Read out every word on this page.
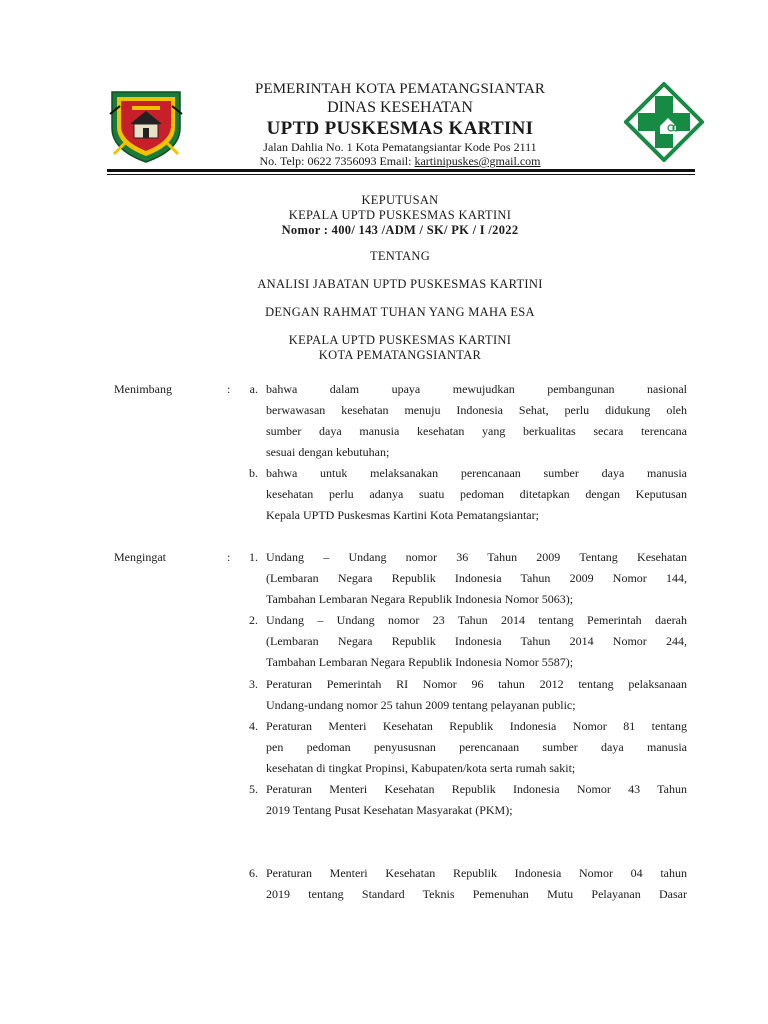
PEMERINTAH KOTA PEMATANGSIANTAR
DINAS KESEHATAN
UPTD PUSKESMAS KARTINI
Jalan Dahlia No. 1 Kota Pematangsiantar Kode Pos 2111
No. Telp: 0622 7356093 Email: kartinipuskes@gmail.com
KEPUTUSAN
KEPALA UPTD PUSKESMAS KARTINI
Nomor : 400/ 143 /ADM / SK/ PK / I /2022
TENTANG
ANALISI JABATAN UPTD PUSKESMAS KARTINI
DENGAN RAHMAT TUHAN YANG MAHA ESA
KEPALA UPTD PUSKESMAS KARTINI
KOTA PEMATANGSIANTAR
Menimbang	:	a. bahwa dalam upaya mewujudkan pembangunan nasional
berwawasan kesehatan menuju Indonesia Sehat, perlu didukung oleh
sumber daya manusia kesehatan yang berkualitas secara terencana
sesuai dengan kebutuhan;
b. bahwa untuk melaksanakan perencanaan sumber daya manusia
kesehatan perlu adanya suatu pedoman ditetapkan dengan Keputusan
Kepala UPTD Puskesmas Kartini Kota Pematangsiantar;
Mengingat	:	1. Undang – Undang nomor 36 Tahun 2009 Tentang Kesehatan
(Lembaran Negara Republik Indonesia Tahun 2009 Nomor 144,
Tambahan Lembaran Negara Republik Indonesia Nomor 5063);
2. Undang – Undang nomor 23 Tahun 2014 tentang Pemerintah daerah
(Lembaran Negara Republik Indonesia Tahun 2014 Nomor 244,
Tambahan Lembaran Negara Republik Indonesia Nomor 5587);
3. Peraturan Pemerintah RI Nomor 96 tahun 2012 tentang pelaksanaan
Undang-undang nomor 25 tahun 2009 tentang pelayanan public;
4. Peraturan Menteri Kesehatan Republik Indonesia Nomor 81 tentang
pen pedoman penyususnan perencanaan sumber daya manusia
kesehatan di tingkat Propinsi, Kabupaten/kota serta rumah sakit;
5. Peraturan Menteri Kesehatan Republik Indonesia Nomor 43 Tahun
2019 Tentang Pusat Kesehatan Masyarakat (PKM);
6. Peraturan Menteri Kesehatan Republik Indonesia Nomor 04 tahun
2019 tentang Standard Teknis Pemenuhan Mutu Pelayanan Dasar
